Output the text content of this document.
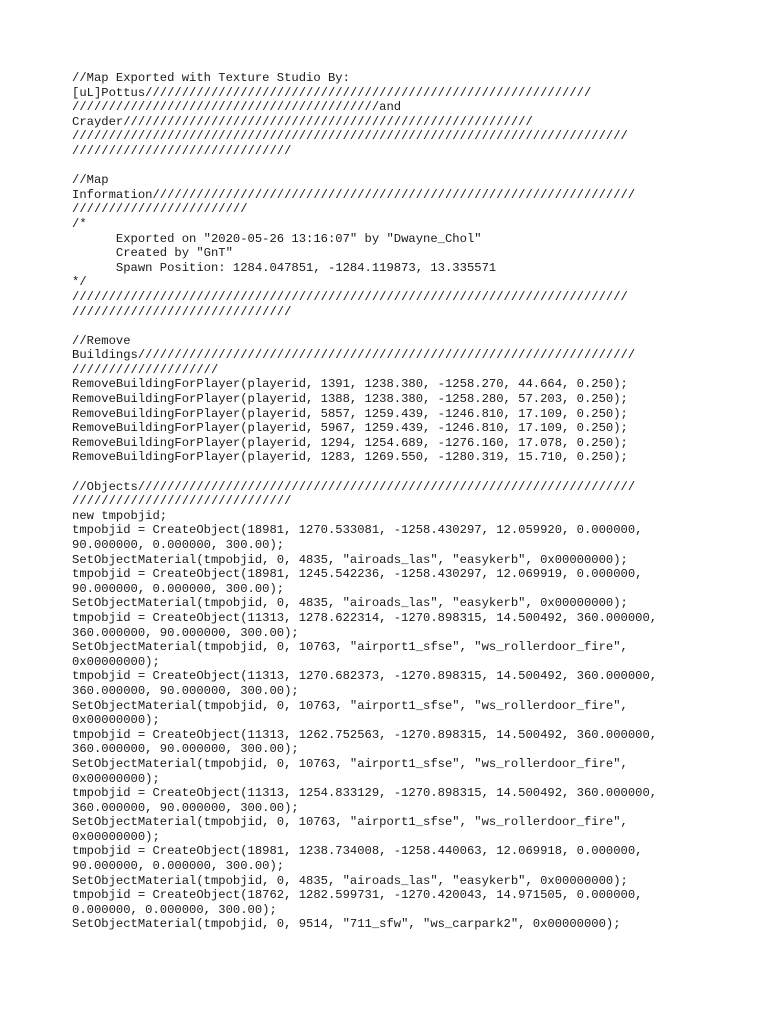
//Map Exported with Texture Studio By:
[uL]Pottus/////////////////////////////////////////////////////////////
//////////////////////////////////////////and
Crayder////////////////////////////////////////////////////////
////////////////////////////////////////////////////////////////////////////
//////////////////////////////
//Map
Information//////////////////////////////////////////////////////////////////
////////////////////////
/*
Exported on "2020-05-26 13:16:07" by "Dwayne_Chol"
Created by "GnT"
Spawn Position: 1284.047851, -1284.119873, 13.335571
*/
////////////////////////////////////////////////////////////////////////////
//////////////////////////////
//Remove
Buildings////////////////////////////////////////////////////////////////////
////////////////////
RemoveBuildingForPlayer(playerid, 1391, 1238.380, -1258.270, 44.664, 0.250);
RemoveBuildingForPlayer(playerid, 1388, 1238.380, -1258.280, 57.203, 0.250);
RemoveBuildingForPlayer(playerid, 5857, 1259.439, -1246.810, 17.109, 0.250);
RemoveBuildingForPlayer(playerid, 5967, 1259.439, -1246.810, 17.109, 0.250);
RemoveBuildingForPlayer(playerid, 1294, 1254.689, -1276.160, 17.078, 0.250);
RemoveBuildingForPlayer(playerid, 1283, 1269.550, -1280.319, 15.710, 0.250);
//Objects////////////////////////////////////////////////////////////////////
//////////////////////////////
new tmpobjid;
tmpobjid = CreateObject(18981, 1270.533081, -1258.430297, 12.059920, 0.000000,
90.000000, 0.000000, 300.00);
SetObjectMaterial(tmpobjid, 0, 4835, "airoads_las", "easykerb", 0x00000000);
tmpobjid = CreateObject(18981, 1245.542236, -1258.430297, 12.069919, 0.000000,
90.000000, 0.000000, 300.00);
SetObjectMaterial(tmpobjid, 0, 4835, "airoads_las", "easykerb", 0x00000000);
tmpobjid = CreateObject(11313, 1278.622314, -1270.898315, 14.500492, 360.000000,
360.000000, 90.000000, 300.00);
SetObjectMaterial(tmpobjid, 0, 10763, "airport1_sfse", "ws_rollerdoor_fire",
0x00000000);
tmpobjid = CreateObject(11313, 1270.682373, -1270.898315, 14.500492, 360.000000,
360.000000, 90.000000, 300.00);
SetObjectMaterial(tmpobjid, 0, 10763, "airport1_sfse", "ws_rollerdoor_fire",
0x00000000);
tmpobjid = CreateObject(11313, 1262.752563, -1270.898315, 14.500492, 360.000000,
360.000000, 90.000000, 300.00);
SetObjectMaterial(tmpobjid, 0, 10763, "airport1_sfse", "ws_rollerdoor_fire",
0x00000000);
tmpobjid = CreateObject(11313, 1254.833129, -1270.898315, 14.500492, 360.000000,
360.000000, 90.000000, 300.00);
SetObjectMaterial(tmpobjid, 0, 10763, "airport1_sfse", "ws_rollerdoor_fire",
0x00000000);
tmpobjid = CreateObject(18981, 1238.734008, -1258.440063, 12.069918, 0.000000,
90.000000, 0.000000, 300.00);
SetObjectMaterial(tmpobjid, 0, 4835, "airoads_las", "easykerb", 0x00000000);
tmpobjid = CreateObject(18762, 1282.599731, -1270.420043, 14.971505, 0.000000,
0.000000, 0.000000, 300.00);
SetObjectMaterial(tmpobjid, 0, 9514, "711_sfw", "ws_carpark2", 0x00000000);
